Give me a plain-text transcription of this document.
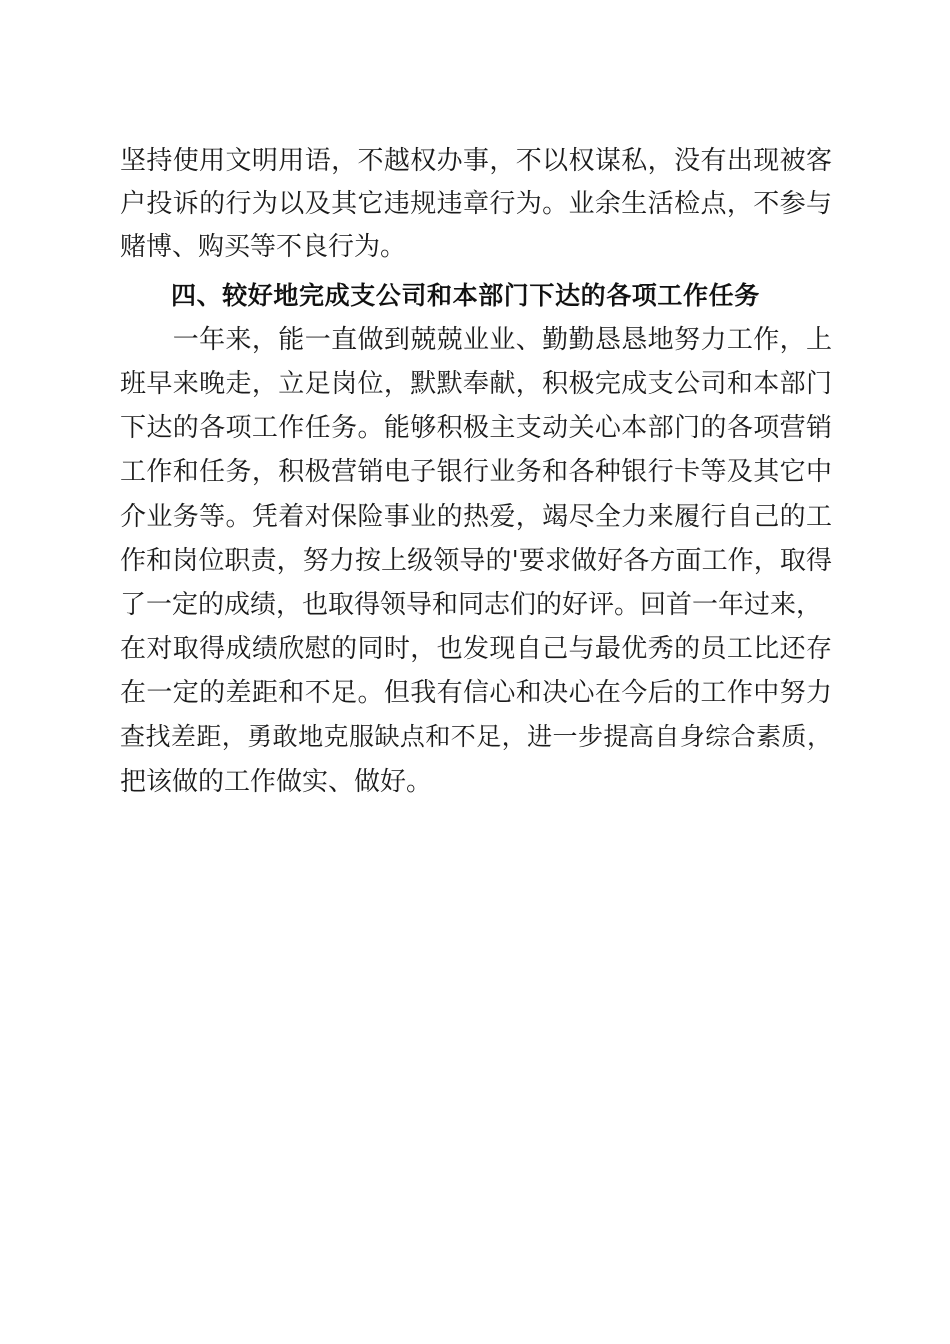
坚持使用文明用语，不越权办事，不以权谋私，没有出现被客
户投诉的行为以及其它违规违章行为。业余生活检点，不参与
赌博、购买等不良行为。
四、较好地完成支公司和本部门下达的各项工作任务
　　一年来，能一直做到兢兢业业、勤勤恳恳地努力工作，上
班早来晚走，立足岗位，默默奉献，积极完成支公司和本部门
下达的各项工作任务。能够积极主支动关心本部门的各项营销
工作和任务，积极营销电子银行业务和各种银行卡等及其它中
介业务等。凭着对保险事业的热爱，竭尽全力来履行自己的工
作和岗位职责，努力按上级领导的'要求做好各方面工作，取得
了一定的成绩，也取得领导和同志们的好评。回首一年过来，
在对取得成绩欣慰的同时，也发现自己与最优秀的员工比还存
在一定的差距和不足。但我有信心和决心在今后的工作中努力
查找差距，勇敢地克服缺点和不足，进一步提高自身综合素质，
把该做的工作做实、做好。
